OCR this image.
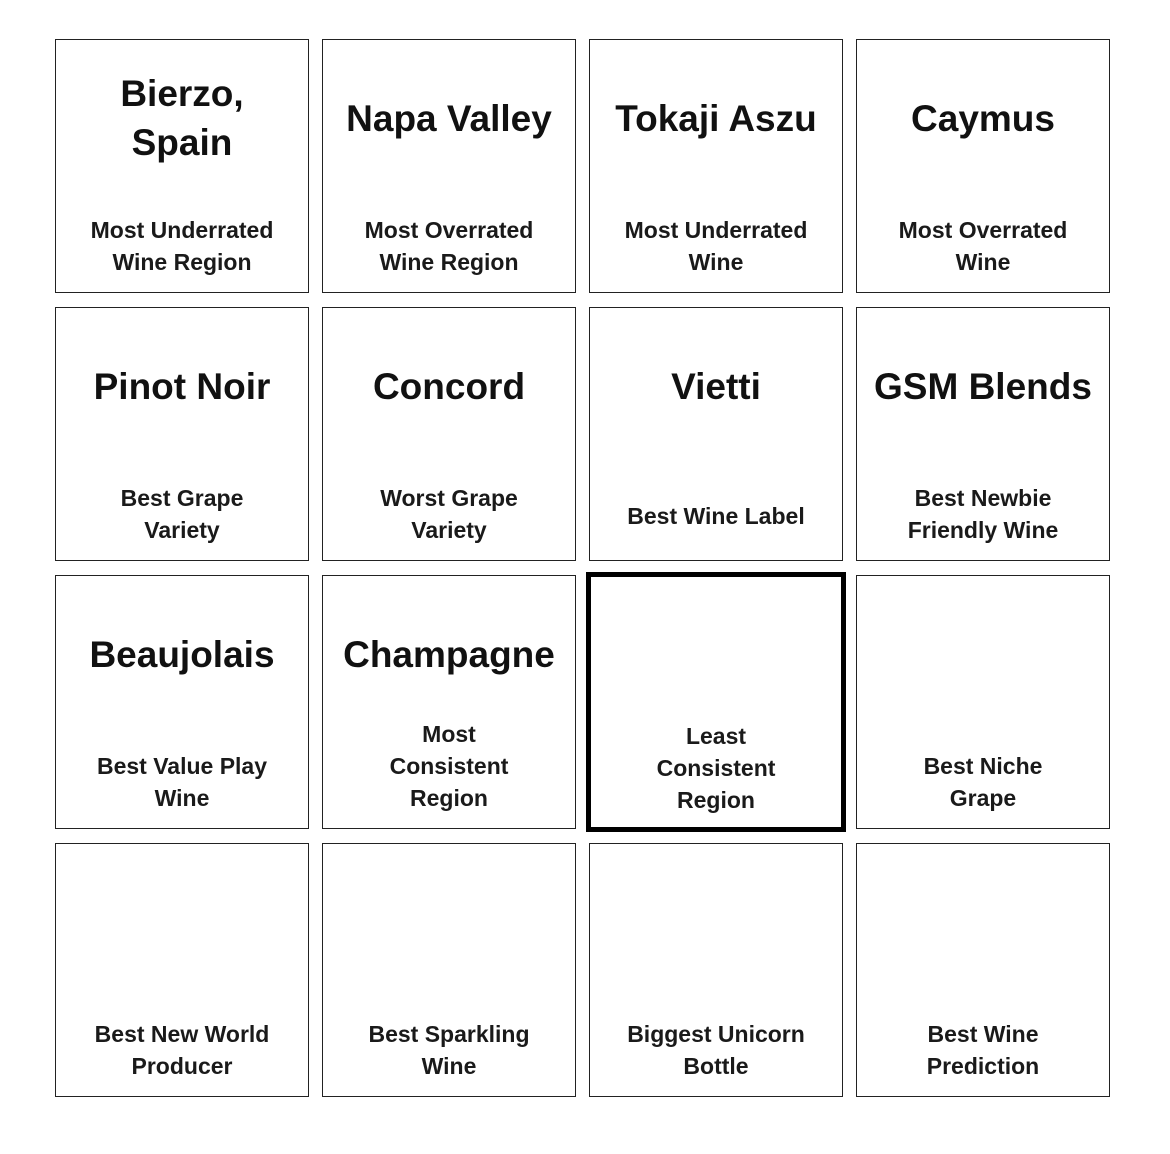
Bierzo,
Spain
Most Underrated
Wine Region
Napa Valley
Most Overrated
Wine Region
Tokaji Aszu
Most Underrated
Wine
Caymus
Most Overrated
Wine
Pinot Noir
Best Grape
Variety
Concord
Worst Grape
Variety
Vietti
Best Wine Label
GSM Blends
Best Newbie
Friendly Wine
Beaujolais
Best Value Play
Wine
Champagne
Most
Consistent
Region
Least
Consistent
Region
Best Niche
Grape
Best New World
Producer
Best Sparkling
Wine
Biggest Unicorn
Bottle
Best Wine
Prediction
